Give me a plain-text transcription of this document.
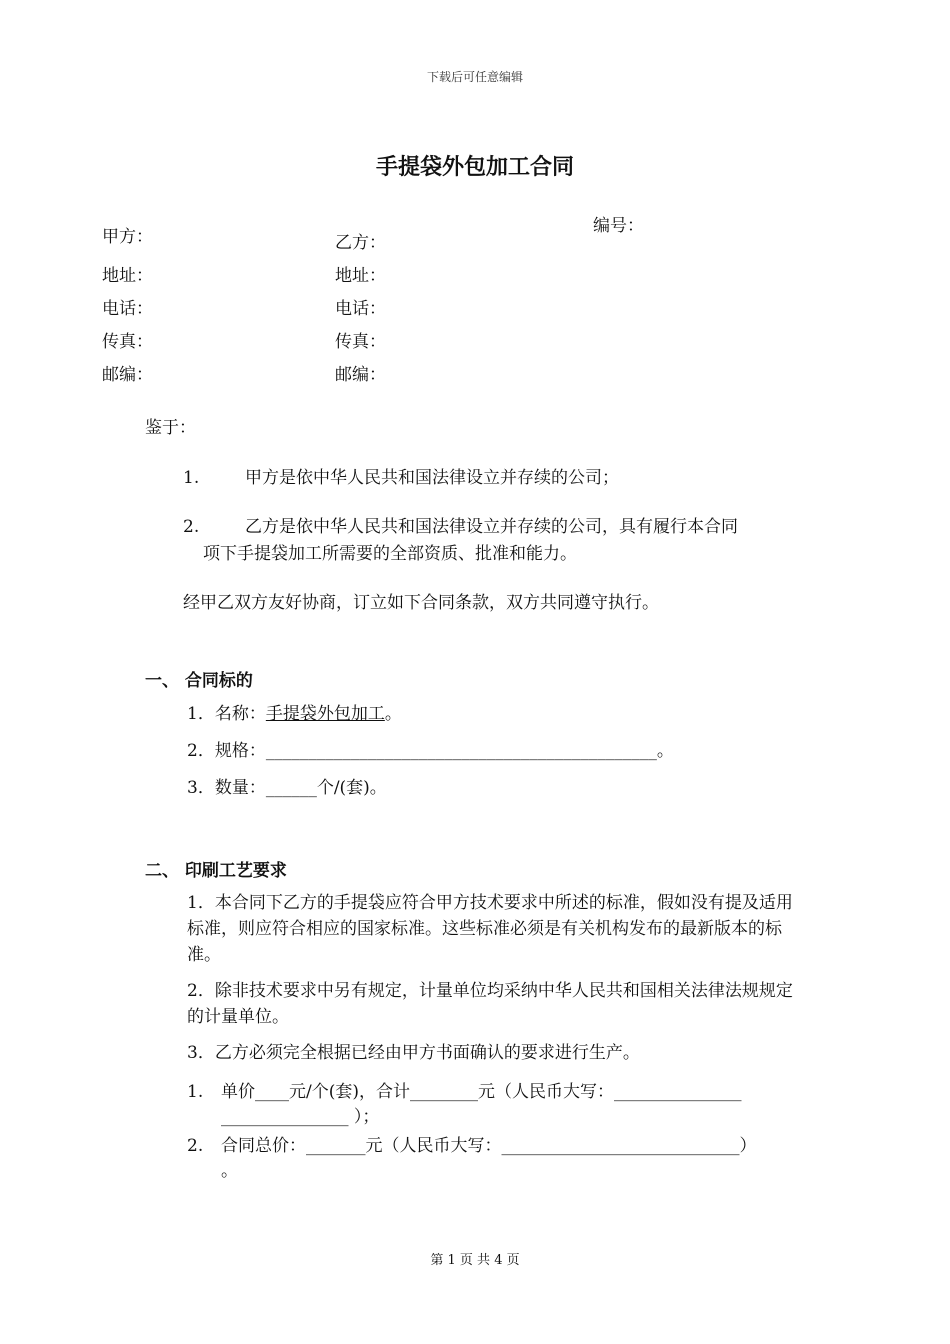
下载后可任意编辑
手提袋外包加工合同
编号：
甲方：
地址：
电话：
传真：
邮编：
乙方：
地址：
电话：
传真：
邮编：
鉴于：
1.	甲方是依中华人民共和国法律设立并存续的公司；
2.	乙方是依中华人民共和国法律设立并存续的公司，具有履行本合同
项下手提袋加工所需要的全部资质、批准和能力。
经甲乙双方友好协商，订立如下合同条款，双方共同遵守执行。
一、 合同标的
1．名称：手提袋外包加工。
2．规格：______________________________________________。
3．数量：______个/(套)。
二、 印刷工艺要求
1．本合同下乙方的手提袋应符合甲方技术要求中所述的标准，假如没有提及适用标准，则应符合相应的国家标准。这些标准必须是有关机构发布的最新版本的标准。
2．除非技术要求中另有规定，计量单位均采纳中华人民共和国相关法律法规规定的计量单位。
3．乙方必须完全根据已经由甲方书面确认的要求进行生产。
1. 单价____元/个(套)，合计________元（人民币大写：_______________
_______________ ）；
2. 合同总价：_______元（人民币大写：____________________________）
。
第 1 页 共 4 页
